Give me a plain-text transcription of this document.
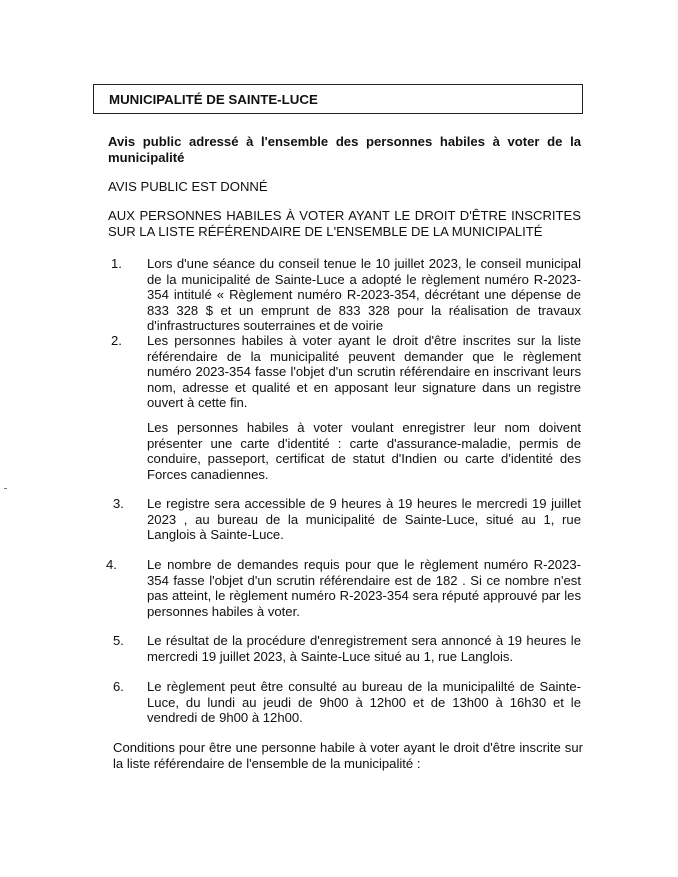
MUNICIPALITÉ DE SAINTE-LUCE
Avis public adressé à l'ensemble des personnes habiles à voter de la municipalité
AVIS PUBLIC EST DONNÉ
AUX PERSONNES HABILES À VOTER AYANT LE DROIT D'ÊTRE INSCRITES SUR LA LISTE RÉFÉRENDAIRE DE L'ENSEMBLE DE LA MUNICIPALITÉ
1.	Lors d'une séance du conseil tenue le 10 juillet 2023, le conseil municipal de la municipalité de Sainte-Luce a adopté le règlement numéro R-2023-354 intitulé « Règlement numéro R-2023-354, décrétant une dépense de 833 328 $ et un emprunt de 833 328 pour la réalisation de travaux d'infrastructures souterraines et de voirie
2.	Les personnes habiles à voter ayant le droit d'être inscrites sur la liste référendaire de la municipalité peuvent demander que le règlement numéro 2023-354 fasse l'objet d'un scrutin référendaire en inscrivant leurs nom, adresse et qualité et en apposant leur signature dans un registre ouvert à cette fin.
Les personnes habiles à voter voulant enregistrer leur nom doivent présenter une carte d'identité : carte d'assurance-maladie, permis de conduire, passeport, certificat de statut d'Indien ou carte d'identité des Forces canadiennes.
3.	Le registre sera accessible de 9 heures à 19 heures le mercredi 19 juillet 2023 , au bureau de la municipalité de Sainte-Luce, situé au 1, rue Langlois à Sainte-Luce.
4.	Le nombre de demandes requis pour que le règlement numéro R-2023-354 fasse l'objet d'un scrutin référendaire est de 182 . Si ce nombre n'est pas atteint, le règlement numéro R-2023-354 sera réputé approuvé par les personnes habiles à voter.
5.	Le résultat de la procédure d'enregistrement sera annoncé à 19 heures le mercredi 19 juillet 2023, à Sainte-Luce situé au 1, rue Langlois.
6.	Le règlement peut être consulté au bureau de la municipalilté de Sainte-Luce, du lundi au jeudi de 9h00 à 12h00 et de 13h00 à 16h30 et le vendredi de 9h00 à 12h00.
Conditions pour être une personne habile à voter ayant le droit d'être inscrite sur la liste référendaire de l'ensemble de la municipalité :
